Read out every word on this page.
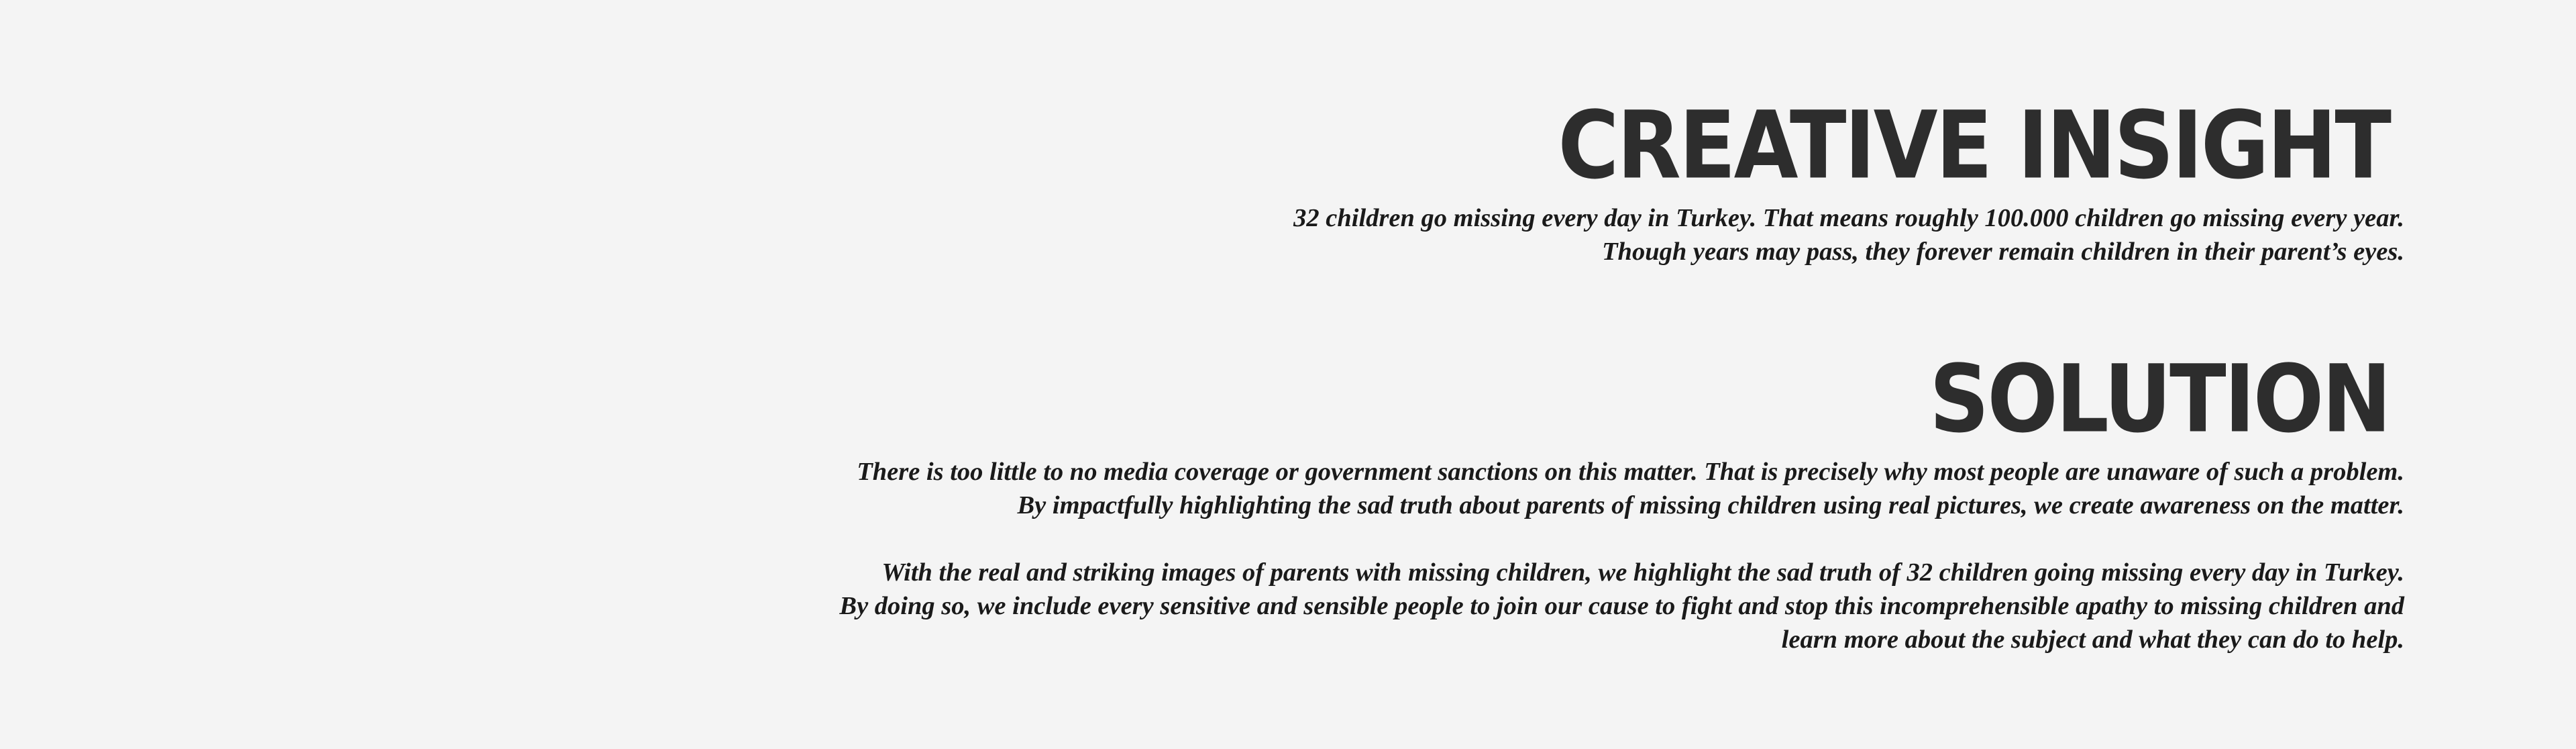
CREATIVE INSIGHT

32 children go missing every day in Turkey. That means roughly 100.000 children go missing every year.
Though years may pass, they forever remain children in their parent’s eyes.

SOLUTION

There is too little to no media coverage or government sanctions on this matter. That is precisely why most people are unaware of such a problem.
By impactfully highlighting the sad truth about parents of missing children using real pictures, we create awareness on the matter.

With the real and striking images of parents with missing children, we highlight the sad truth of 32 children going missing every day in Turkey.
By doing so, we include every sensitive and sensible people to join our cause to fight and stop this incomprehensible apathy to missing children and
learn more about the subject and what they can do to help.
